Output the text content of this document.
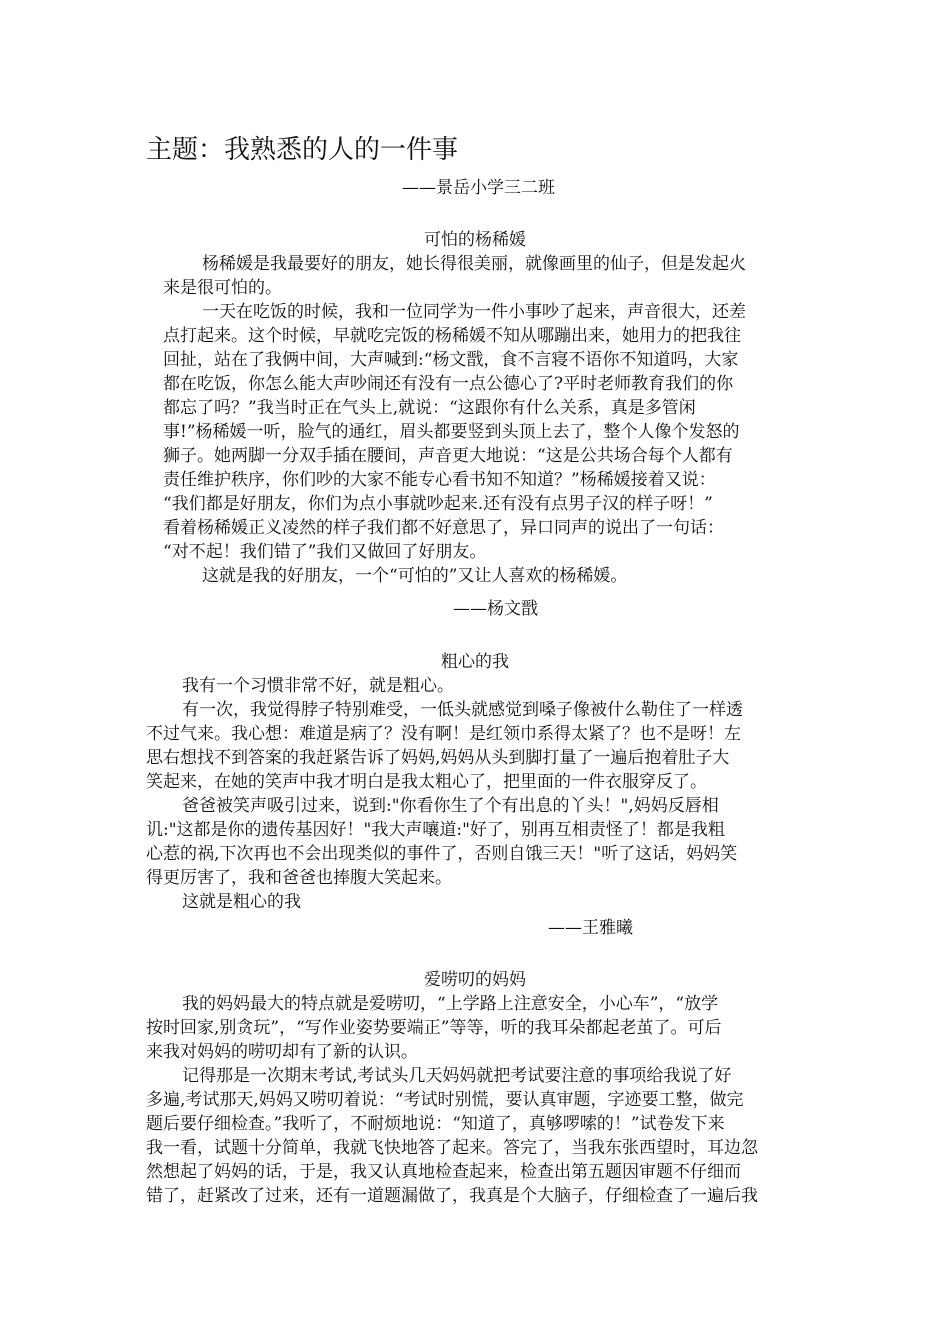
主题：我熟悉的人的一件事
——景岳小学三二班
可怕的杨稀媛
杨稀媛是我最要好的朋友，她长得很美丽，就像画里的仙子，但是发起火
来是很可怕的。
一天在吃饭的时候，我和一位同学为一件小事吵了起来，声音很大，还差
点打起来。这个时候，早就吃完饭的杨稀媛不知从哪蹦出来，她用力的把我往
回扯，站在了我俩中间，大声喊到:“杨文戬，食不言寝不语你不知道吗，大家
都在吃饭，你怎么能大声吵闹还有没有一点公德心了?平时老师教育我们的你
都忘了吗？”我当时正在气头上,就说：“这跟你有什么关系，真是多管闲
事!”杨稀媛一听，脸气的通红，眉头都要竖到头顶上去了，整个人像个发怒的
狮子。她两脚一分双手插在腰间，声音更大地说：“这是公共场合每个人都有
责任维护秩序，你们吵的大家不能专心看书知不知道？”杨稀媛接着又说：
“我们都是好朋友，你们为点小事就吵起来.还有没有点男子汉的样子呀！”
看着杨稀媛正义凌然的样子我们都不好意思了，异口同声的说出了一句话：
“对不起！我们错了”我们又做回了好朋友。
这就是我的好朋友，一个“可怕的”又让人喜欢的杨稀媛。
——杨文戬
粗心的我
我有一个习惯非常不好，就是粗心。
有一次，我觉得脖子特别难受，一低头就感觉到嗓子像被什么勒住了一样透
不过气来。我心想：难道是病了？没有啊！是红领巾系得太紧了？也不是呀！左
思右想找不到答案的我赶紧告诉了妈妈,妈妈从头到脚打量了一遍后抱着肚子大
笑起来，在她的笑声中我才明白是我太粗心了，把里面的一件衣服穿反了。
爸爸被笑声吸引过来，说到:"你看你生了个有出息的丫头！",妈妈反唇相
讥:"这都是你的遗传基因好！"我大声嚷道:"好了，别再互相责怪了！都是我粗
心惹的祸,下次再也不会出现类似的事件了，否则自饿三天！"听了这话，妈妈笑
得更厉害了，我和爸爸也捧腹大笑起来。
这就是粗心的我
——王雅曦
爱唠叨的妈妈
我的妈妈最大的特点就是爱唠叨，“上学路上注意安全，小心车”，“放学
按时回家,别贪玩”，“写作业姿势要端正”等等，听的我耳朵都起老茧了。可后
来我对妈妈的唠叨却有了新的认识。
记得那是一次期末考试,考试头几天妈妈就把考试要注意的事项给我说了好
多遍,考试那天,妈妈又唠叨着说：“考试时别慌，要认真审题，字迹要工整，做完
题后要仔细检查。”我听了，不耐烦地说：“知道了，真够啰嗦的！”试卷发下来
我一看，试题十分简单，我就飞快地答了起来。答完了，当我东张西望时，耳边忽
然想起了妈妈的话，于是，我又认真地检查起来，检查出第五题因审题不仔细而
错了，赶紧改了过来，还有一道题漏做了，我真是个大脑子，仔细检查了一遍后我
